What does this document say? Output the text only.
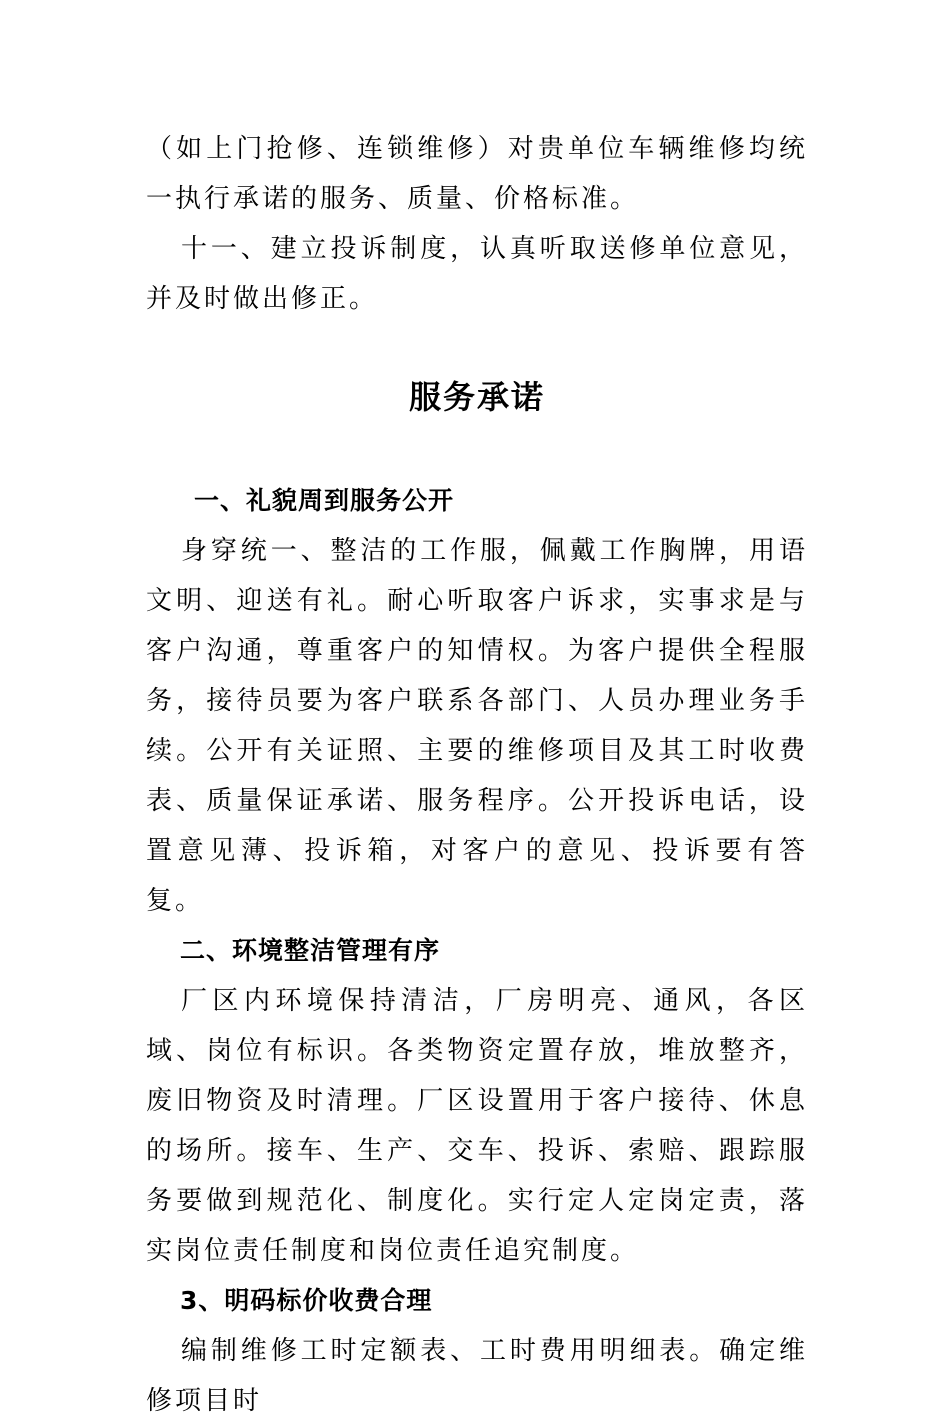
（如上门抢修、连锁维修）对贵单位车辆维修均统一执行承诺的服务、质量、价格标准。

十一、建立投诉制度，认真听取送修单位意见，并及时做出修正。

服务承诺

一、礼貌周到服务公开

身穿统一、整洁的工作服，佩戴工作胸牌，用语文明、迎送有礼。耐心听取客户诉求，实事求是与客户沟通，尊重客户的知情权。为客户提供全程服务，接待员要为客户联系各部门、人员办理业务手续。公开有关证照、主要的维修项目及其工时收费表、质量保证承诺、服务程序。公开投诉电话，设置意见薄、投诉箱，对客户的意见、投诉要有答复。

二、环境整洁管理有序

厂区内环境保持清洁，厂房明亮、通风，各区域、岗位有标识。各类物资定置存放，堆放整齐，废旧物资及时清理。厂区设置用于客户接待、休息的场所。接车、生产、交车、投诉、索赔、跟踪服务要做到规范化、制度化。实行定人定岗定责，落实岗位责任制度和岗位责任追究制度。

3、明码标价收费合理

编制维修工时定额表、工时费用明细表。确定维修项目时
